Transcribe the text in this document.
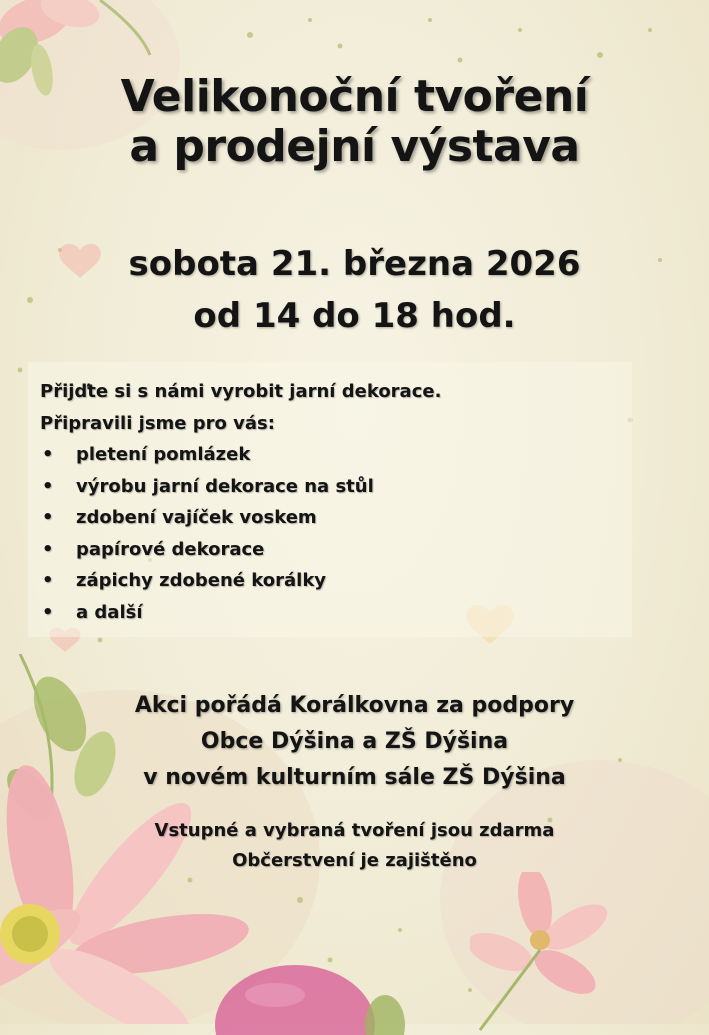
Velikonoční tvoření
a prodejní výstava
sobota 21. března 2026
od 14 do 18 hod.
Přijďte si s námi vyrobit jarní dekorace.
Připravili jsme pro vás:
• pletení pomlázek
• výrobu jarní dekorace na stůl
• zdobení vajíček voskem
• papírové dekorace
• zápichy zdobené korálky
• a další
Akci pořádá Korálkovna za podpory
Obce Dýšina a ZŠ Dýšina
v novém kulturním sále ZŠ Dýšina
Vstupné a vybraná tvoření jsou zdarma
Občerstvení je zajištěno
